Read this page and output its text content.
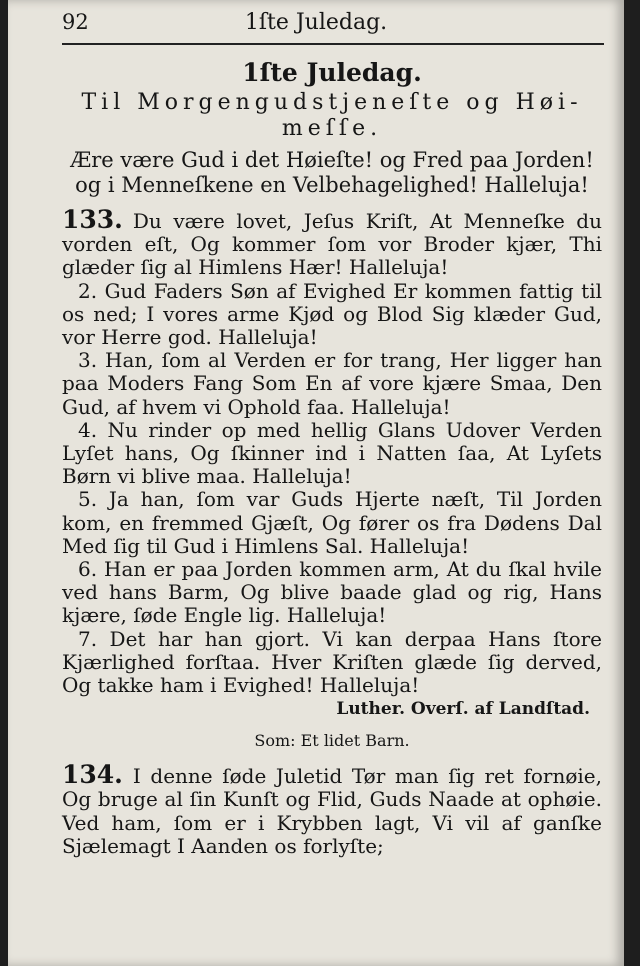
92	1ſte Juledag.
1ſte Juledag.
Til Morgengudstjeneſte og Høi-meſſe.
Ære være Gud i det Høieſte! og Fred paa Jorden! og i Menneſkene en Velbehagelighed! Halleluja!
133. Du være lovet, Jeſus Kriſt, At Menneſke du vorden eſt, Og kommer ſom vor Broder kjær, Thi glæder ſig al Himlens Hær! Halleluja!
2. Gud Faders Søn af Evighed Er kommen fattig til os ned; I vores arme Kjød og Blod Sig klæder Gud, vor Herre god. Halleluja!
3. Han, ſom al Verden er for trang, Her ligger han paa Moders Fang Som En af vore kjære Smaa, Den Gud, af hvem vi Ophold faa. Halleluja!
4. Nu rinder op med hellig Glans Udover Verden Lyſet hans, Og ſkinner ind i Natten ſaa, At Lyſets Børn vi blive maa. Halleluja!
5. Ja han, ſom var Guds Hjerte næſt, Til Jorden kom, en fremmed Gjæſt, Og fører os fra Dødens Dal Med ſig til Gud i Himlens Sal. Halleluja!
6. Han er paa Jorden kommen arm, At du ſkal hvile ved hans Barm, Og blive baade glad og rig, Hans kjære, ſøde Engle lig. Halleluja!
7. Det har han gjort. Vi kan derpaa Hans ſtore Kjærlighed forſtaa. Hver Kriſten glæde ſig derved, Og takke ham i Evighed! Halleluja!
Luther. Overſ. af Landſtad.
Som: Et lidet Barn.
134. I denne ſøde Juletid Tør man ſig ret fornøie, Og bruge al ſin Kunſt og Flid, Guds Naade at ophøie. Ved ham, ſom er i Krybben lagt, Vi vil af ganſke Sjælemagt I Aanden os forlyſte;
